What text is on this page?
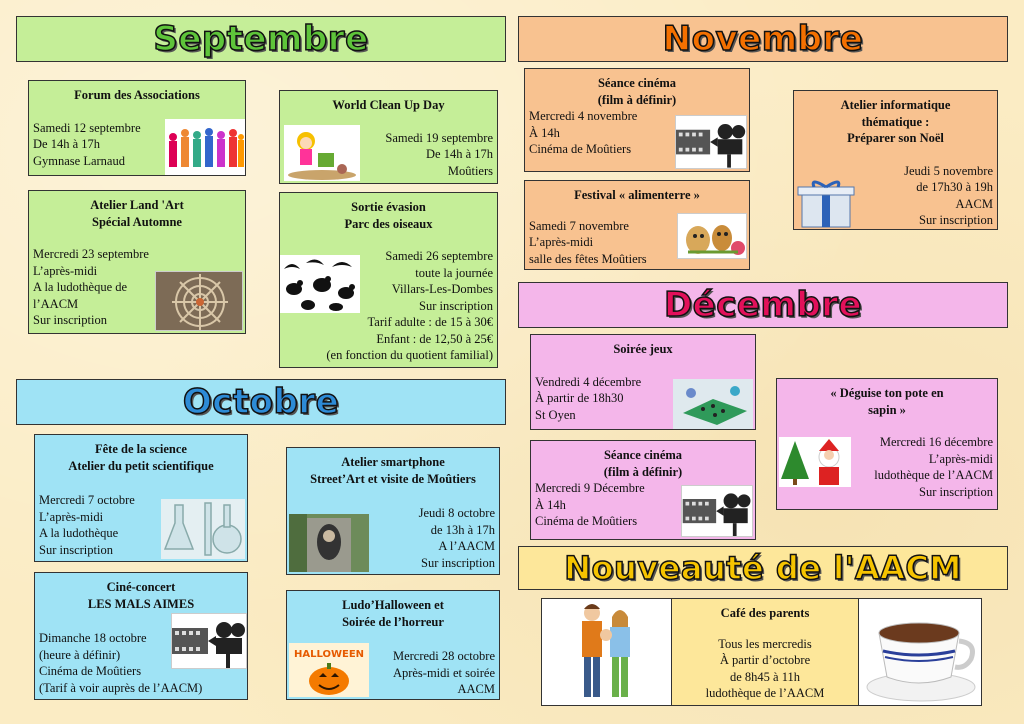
Septembre
Forum des Associations
Samedi 12 septembre
De 14h à 17h
Gymnase Larnaud
World Clean Up Day
Samedi 19 septembre
De 14h à 17h
Moûtiers
Atelier Land 'Art
Spécial Automne
Mercredi 23 septembre
L’après-midi
A la ludothèque de
l’AACM
Sur inscription
Sortie évasion
Parc des oiseaux
Samedi 26 septembre
toute la journée
Villars-Les-Dombes
Sur inscription
Tarif adulte : de 15 à 30€
Enfant : de 12,50 à 25€
(en fonction du quotient familial)
Octobre
Fête de la science
Atelier du petit scientifique
Mercredi 7 octobre
L’après-midi
A la ludothèque
Sur inscription
Atelier smartphone
Street’Art et visite de Moûtiers
Jeudi 8 octobre
de 13h à 17h
A l’AACM
Sur inscription
Ciné-concert
LES MALS AIMES
Dimanche 18 octobre
(heure à définir)
Cinéma de Moûtiers
(Tarif à voir auprès de l’AACM)
Ludo’Halloween et
Soirée de l’horreur
Mercredi 28 octobre
Après-midi et soirée
AACM
HALLOWEEN
Novembre
Séance cinéma
(film à définir)
Mercredi 4 novembre
À 14h
Cinéma de Moûtiers
Atelier informatique
thématique :
Préparer son Noël
Jeudi 5 novembre
de 17h30 à 19h
AACM
Sur inscription
Festival « alimenterre »
Samedi 7 novembre
L’après-midi
salle des fêtes Moûtiers
Décembre
Soirée jeux
Vendredi 4 décembre
À partir de 18h30
St Oyen
« Déguise ton pote en
sapin »
Mercredi 16 décembre
L’après-midi
ludothèque de l’AACM
Sur inscription
Séance cinéma
(film à définir)
Mercredi 9 Décembre
À 14h
Cinéma de Moûtiers
Nouveauté de l'AACM
Café des parents
Tous les mercredis
À partir d’octobre
de 8h45 à 11h
ludothèque de l’AACM
